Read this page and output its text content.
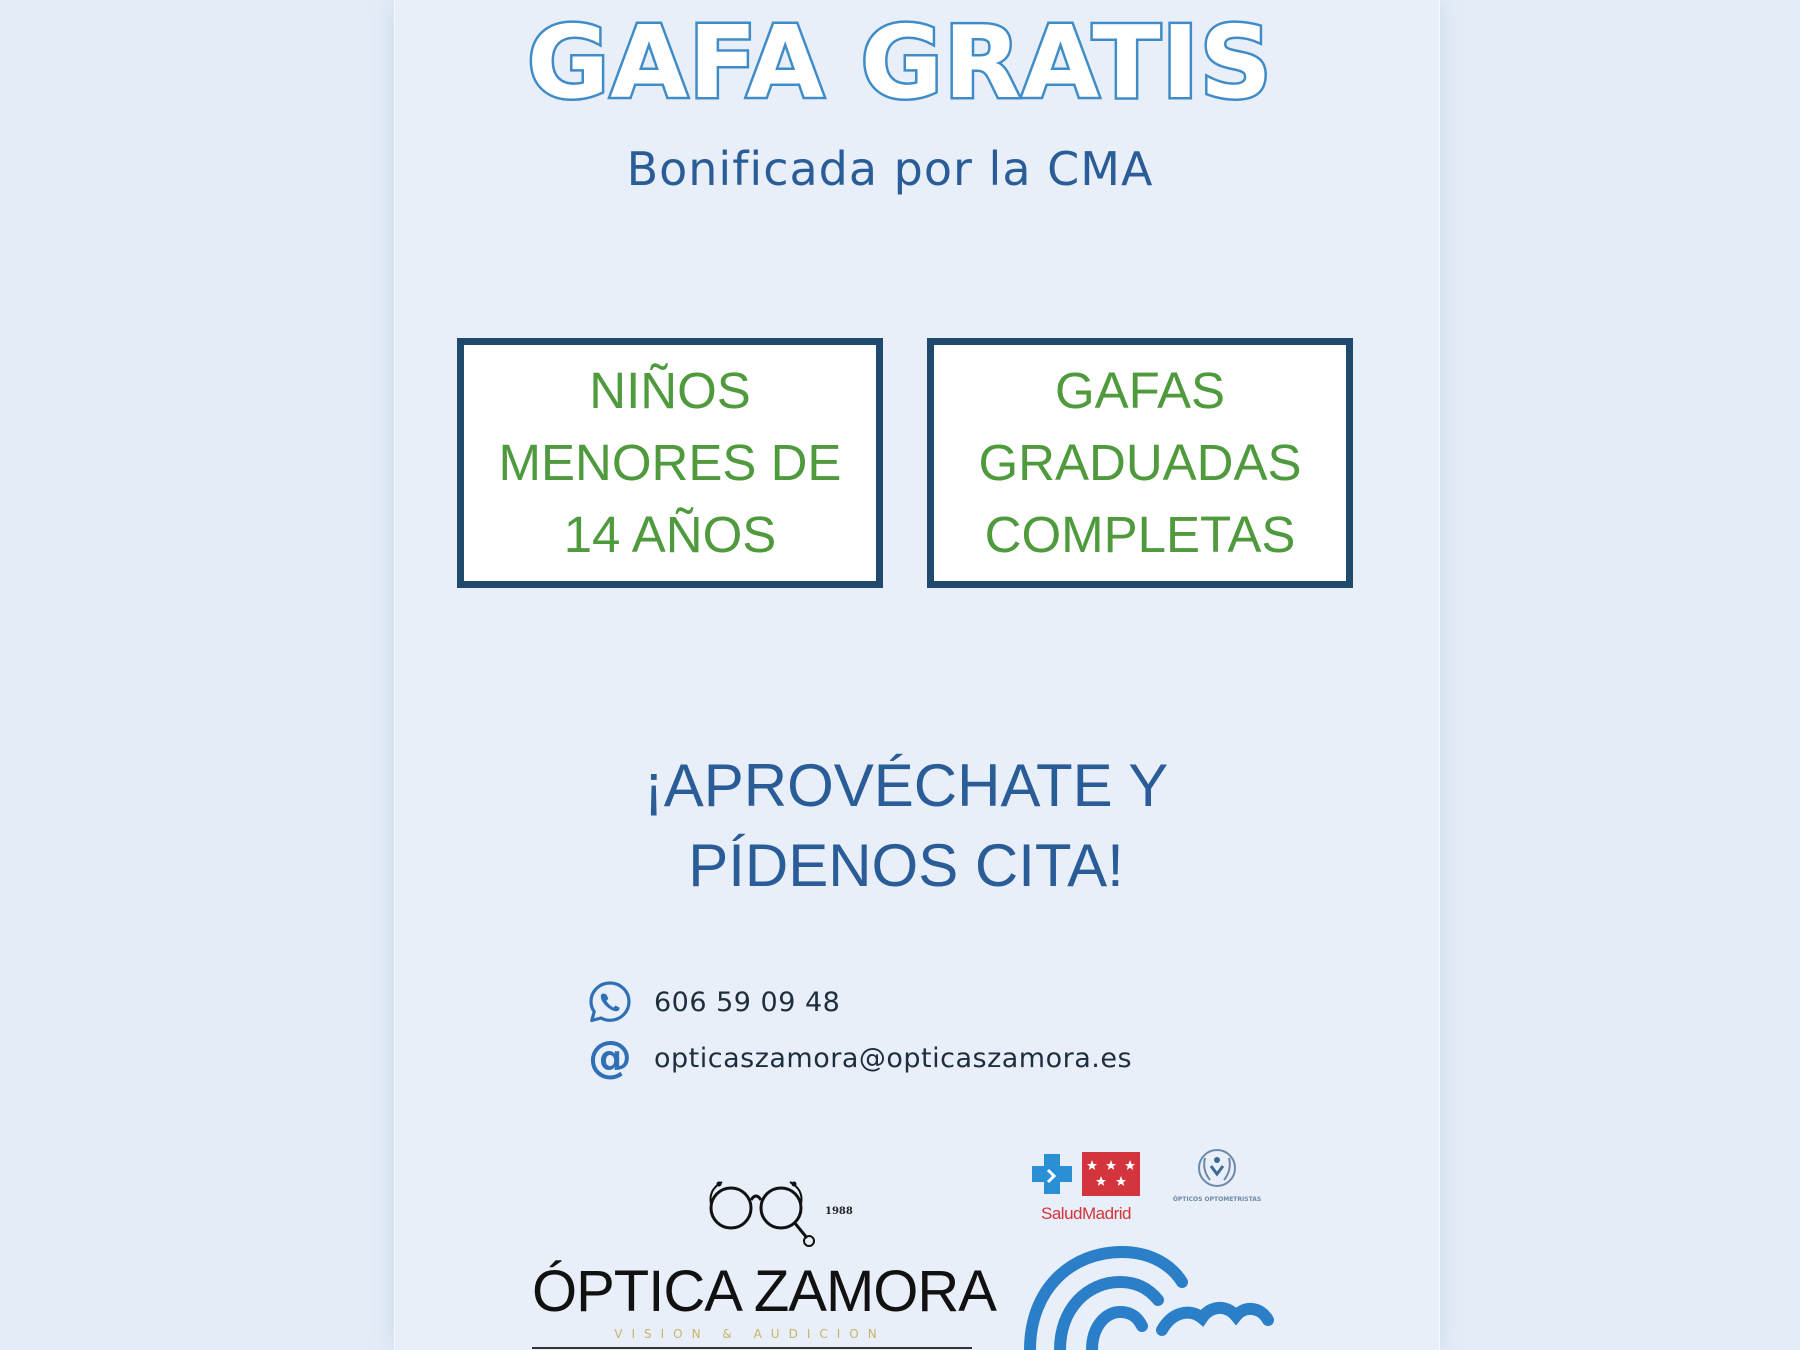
GAFA GRATIS
Bonificada por la CMA
NIÑOS
MENORES DE
14 AÑOS
GAFAS
GRADUADAS
COMPLETAS
¡APROVÉCHATE Y
PÍDENOS CITA!
606 59 09 48
@ opticaszamora@opticaszamora.es
1988
ÓPTICA ZAMORA
VISION & AUDICION
SaludMadrid
ÓPTICOS OPTOMETRISTAS
